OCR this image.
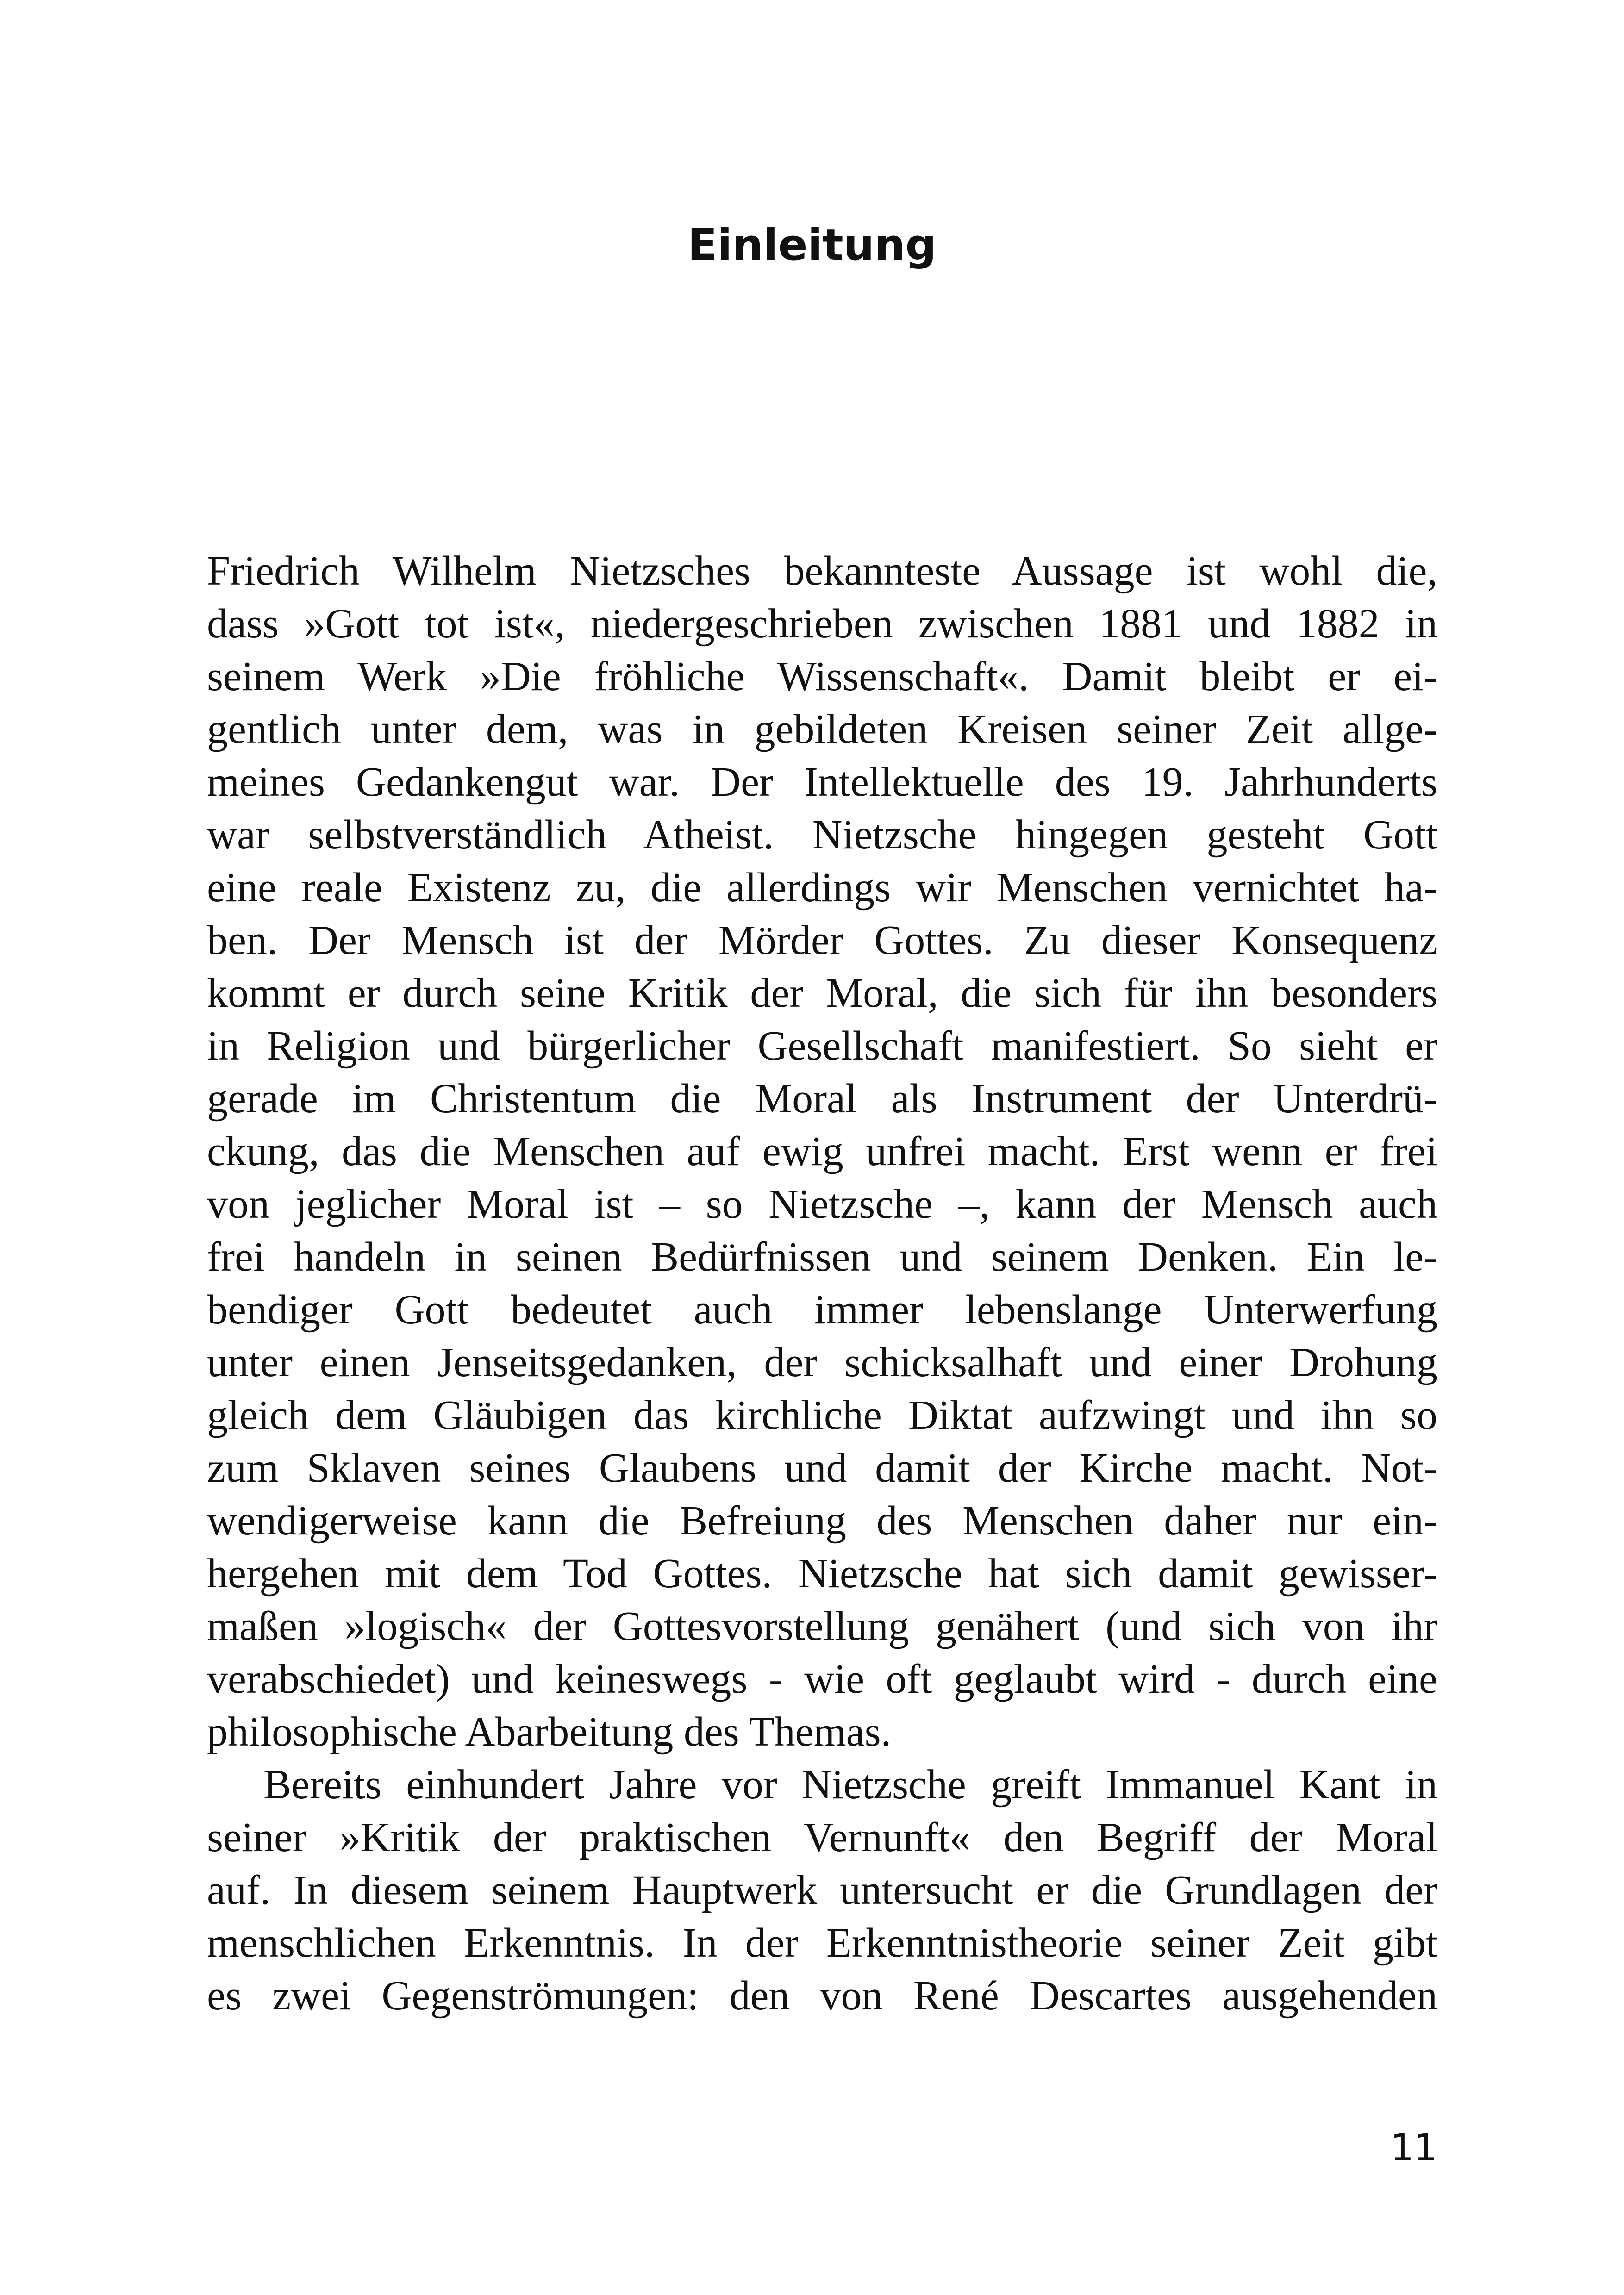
Einleitung
Friedrich Wilhelm Nietzsches bekannteste Aussage ist wohl die,
dass »Gott tot ist«, niedergeschrieben zwischen 1881 und 1882 in
seinem Werk »Die fröhliche Wissenschaft«. Damit bleibt er ei-
gentlich unter dem, was in gebildeten Kreisen seiner Zeit allge-
meines Gedankengut war. Der Intellektuelle des 19. Jahrhunderts
war selbstverständlich Atheist. Nietzsche hingegen gesteht Gott
eine reale Existenz zu, die allerdings wir Menschen vernichtet ha-
ben. Der Mensch ist der Mörder Gottes. Zu dieser Konsequenz
kommt er durch seine Kritik der Moral, die sich für ihn besonders
in Religion und bürgerlicher Gesellschaft manifestiert. So sieht er
gerade im Christentum die Moral als Instrument der Unterdrü-
ckung, das die Menschen auf ewig unfrei macht. Erst wenn er frei
von jeglicher Moral ist – so Nietzsche –, kann der Mensch auch
frei handeln in seinen Bedürfnissen und seinem Denken. Ein le-
bendiger Gott bedeutet auch immer lebenslange Unterwerfung
unter einen Jenseitsgedanken, der schicksalhaft und einer Drohung
gleich dem Gläubigen das kirchliche Diktat aufzwingt und ihn so
zum Sklaven seines Glaubens und damit der Kirche macht. Not-
wendigerweise kann die Befreiung des Menschen daher nur ein-
hergehen mit dem Tod Gottes. Nietzsche hat sich damit gewisser-
maßen »logisch« der Gottesvorstellung genähert (und sich von ihr
verabschiedet) und keineswegs - wie oft geglaubt wird - durch eine
philosophische Abarbeitung des Themas.
Bereits einhundert Jahre vor Nietzsche greift Immanuel Kant in
seiner »Kritik der praktischen Vernunft« den Begriff der Moral
auf. In diesem seinem Hauptwerk untersucht er die Grundlagen der
menschlichen Erkenntnis. In der Erkenntnistheorie seiner Zeit gibt
es zwei Gegenströmungen: den von René Descartes ausgehenden
11
